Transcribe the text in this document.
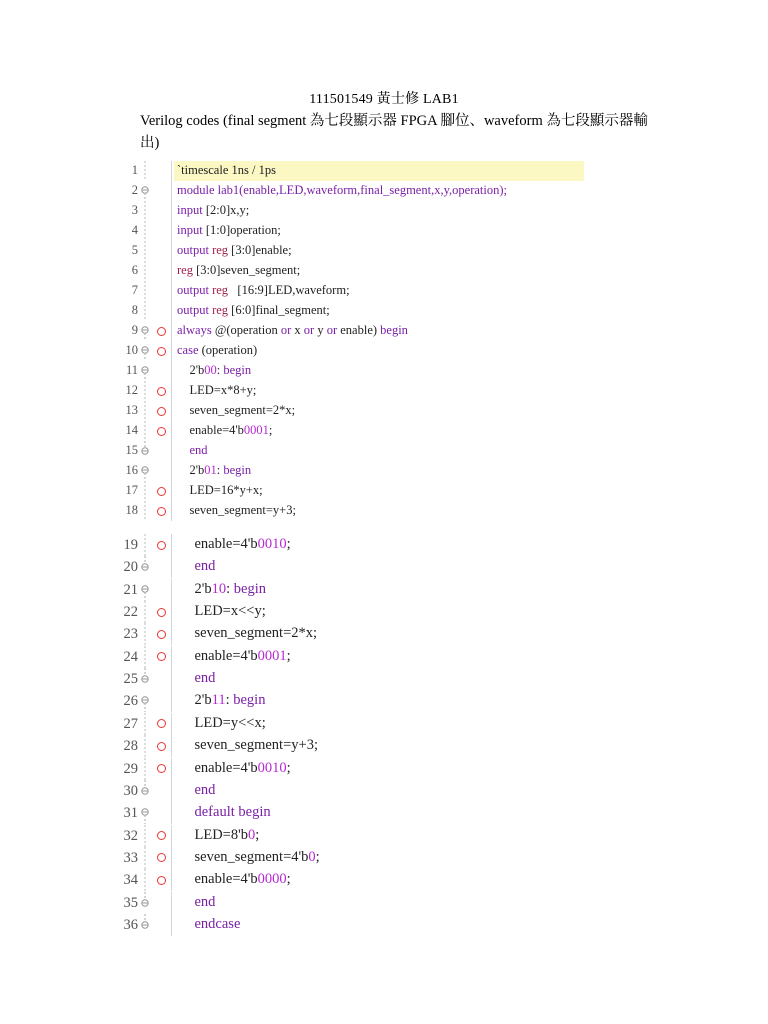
111501549 黃士修 LAB1
Verilog codes (final segment 為七段顯示器 FPGA 腳位、waveform 為七段顯示器輸出)
1	`timescale 1ns / 1ps
2	module lab1(enable,LED,waveform,final_segment,x,y,operation);
3	input [2:0]x,y;
4	input [1:0]operation;
5	output reg [3:0]enable;
6	reg [3:0]seven_segment;
7	output reg   [16:9]LED,waveform;
8	output reg [6:0]final_segment;
9	always @(operation or x or y or enable) begin
10	case (operation)
11	2'b00: begin
12	LED=x*8+y;
13	seven_segment=2*x;
14	enable=4'b0001;
15	end
16	2'b01: begin
17	LED=16*y+x;
18	seven_segment=y+3;
19	enable=4'b0010;
20	end
21	2'b10: begin
22	LED=x<<y;
23	seven_segment=2*x;
24	enable=4'b0001;
25	end
26	2'b11: begin
27	LED=y<<x;
28	seven_segment=y+3;
29	enable=4'b0010;
30	end
31	default begin
32	LED=8'b0;
33	seven_segment=4'b0;
34	enable=4'b0000;
35	end
36	endcase
